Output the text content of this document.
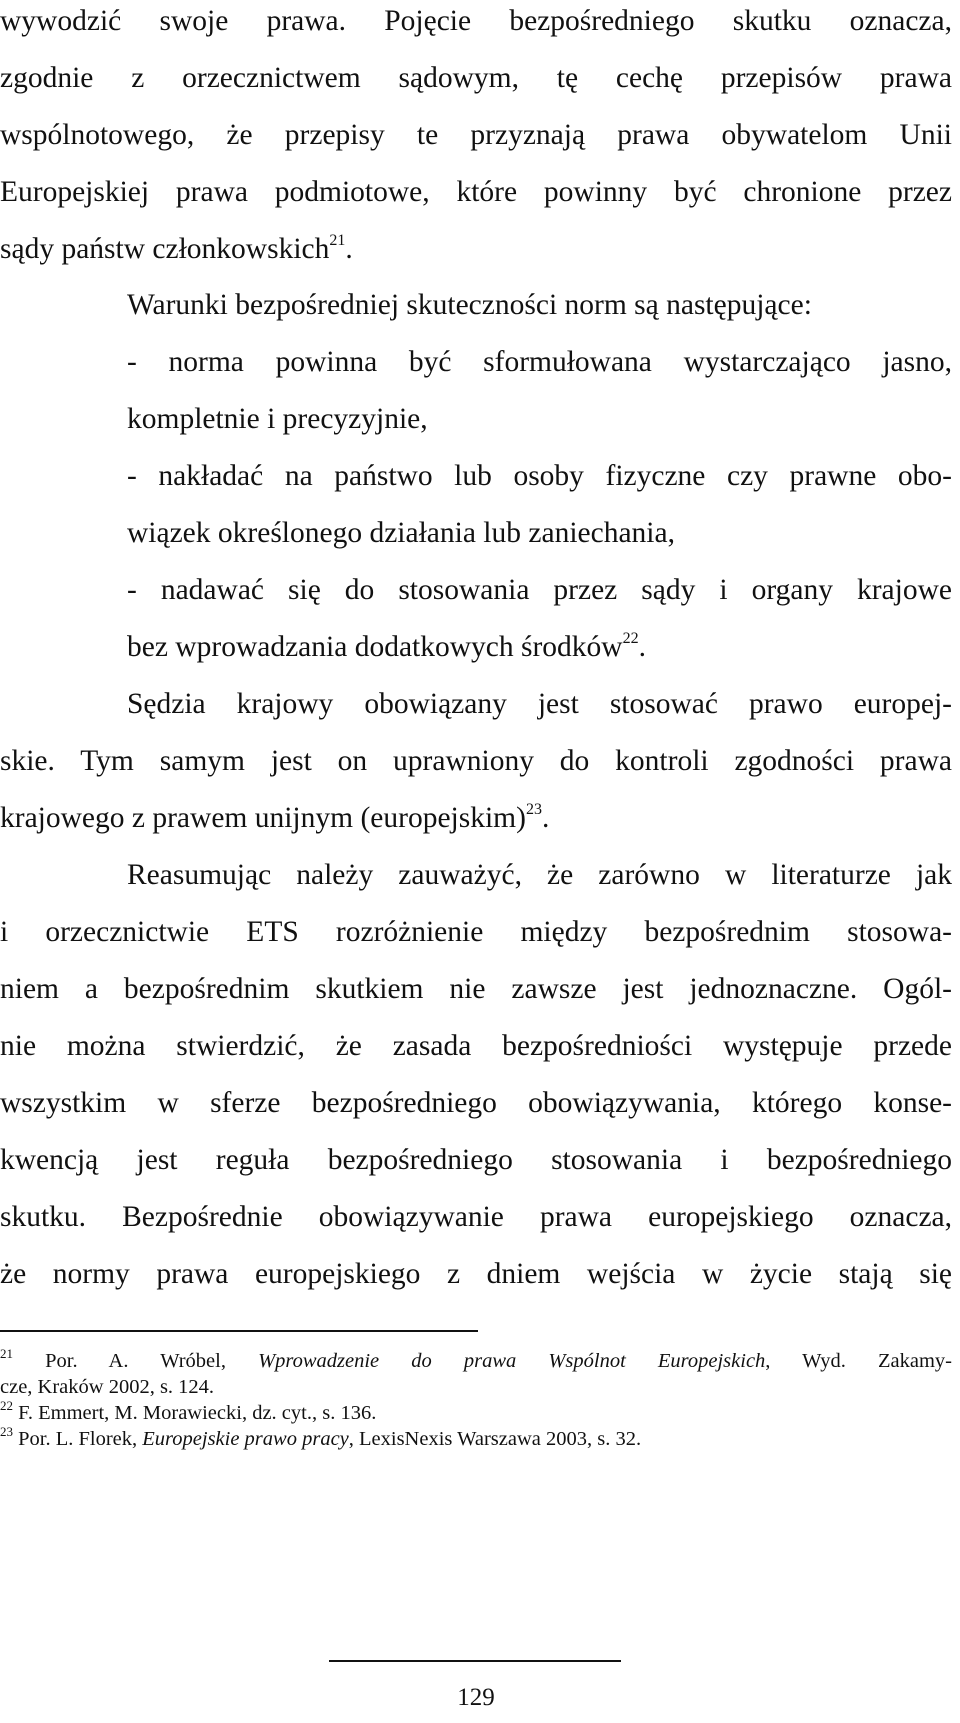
wywodzić swoje prawa. Pojęcie bezpośredniego skutku oznacza,
zgodnie z orzecznictwem sądowym, tę cechę przepisów prawa
wspólnotowego, że przepisy te przyznają prawa obywatelom Unii
Europejskiej prawa podmiotowe, które powinny być chronione przez
sądy państw członkowskich$^{21}$.
Warunki bezpośredniej skuteczności norm są następujące:
- norma powinna być sformułowana wystarczająco jasno,
kompletnie i precyzyjnie,
- nakładać na państwo lub osoby fizyczne czy prawne obo-
wiązek określonego działania lub zaniechania,
- nadawać się do stosowania przez sądy i organy krajowe
bez wprowadzania dodatkowych środków$^{22}$.
Sędzia krajowy obowiązany jest stosować prawo europej-
skie. Tym samym jest on uprawniony do kontroli zgodności prawa
krajowego z prawem unijnym (europejskim)$^{23}$.
Reasumując należy zauważyć, że zarówno w literaturze jak
i orzecznictwie ETS rozróżnienie między bezpośrednim stosowa-
niem a bezpośrednim skutkiem nie zawsze jest jednoznaczne. Ogól-
nie można stwierdzić, że zasada bezpośredniości występuje przede
wszystkim w sferze bezpośredniego obowiązywania, którego konse-
kwencją jest reguła bezpośredniego stosowania i bezpośredniego
skutku. Bezpośrednie obowiązywanie prawa europejskiego oznacza,
że normy prawa europejskiego z dniem wejścia w życie stają się
$^{21}$ Por. A. Wróbel, Wprowadzenie do prawa Wspólnot Europejskich, Wyd. Zakamy-
cze, Kraków 2002, s. 124.
$^{22}$ F. Emmert, M. Morawiecki, dz. cyt., s. 136.
$^{23}$ Por. L. Florek, Europejskie prawo pracy, LexisNexis Warszawa 2003, s. 32.
129
